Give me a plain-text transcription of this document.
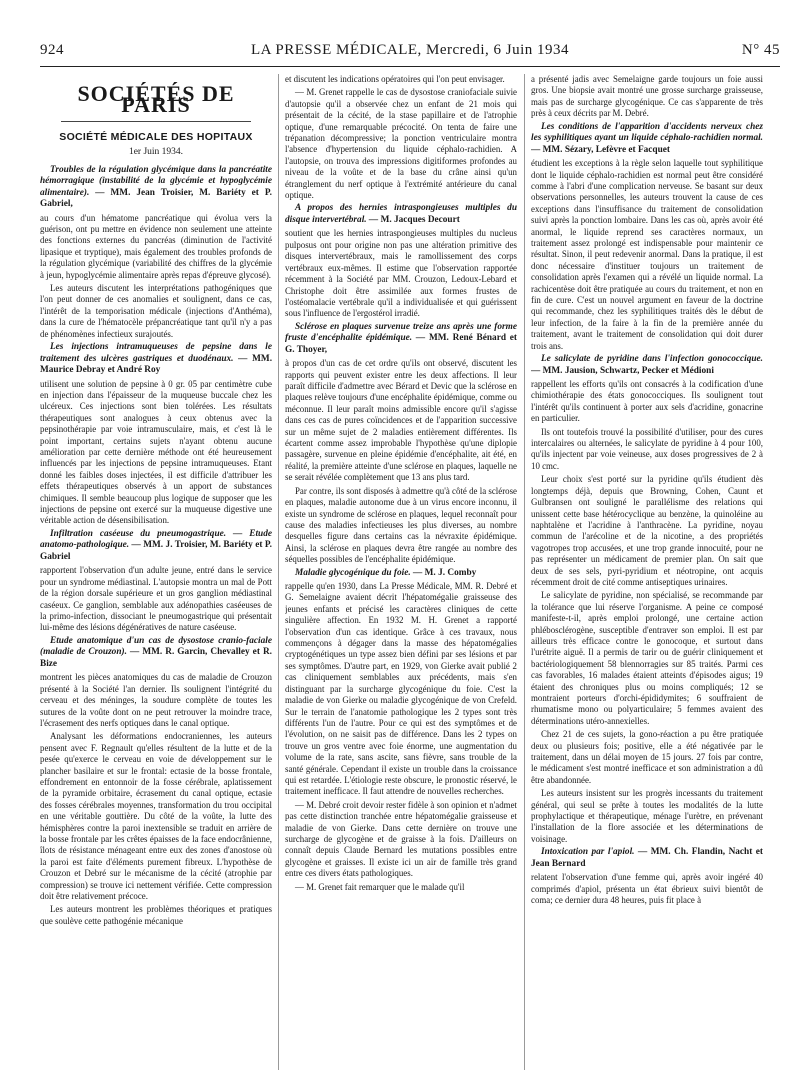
924	LA PRESSE MÉDICALE, Mercredi, 6 Juin 1934	N° 45
SOCIÉTÉS DE PARIS
SOCIÉTÉ MÉDICALE DES HOPITAUX
1er Juin 1934.

Troubles de la régulation glycémique dans la pancréatite hémorragique (instabilité de la glycémie et hypoglycémie alimentaire). — MM. Jean Troisier, M. Bariéty et P. Gabriel,

au cours d'un hématome pancréatique qui évolua vers la guérison, ont pu mettre en évidence non seulement une atteinte des fonctions externes du pancréas (diminution de l'activité lipasique et tryptique), mais également des troubles profonds de la régulation glycémique (variabilité des chiffres de la glycémie à jeun, hypoglycémie alimentaire après repas d'épreuve glycosé).

Les auteurs discutent les interprétations pathogéniques que l'on peut donner de ces anomalies et soulignent, dans ce cas, l'intérêt de la temporisation médicale (injections d'Anthéma), dans la cure de l'hématocèle prépancréatique tant qu'il n'y a pas de phénomènes infectieux surajoutés.

Les injections intramuqueuses de pepsine dans le traitement des ulcères gastriques et duodénaux. — MM. Maurice Debray et André Roy

utilisent une solution de pepsine à 0 gr. 05 par centimètre cube en injection dans l'épaisseur de la muqueuse buccale chez les ulcéreux. Ces injections sont bien tolérées. Les résultats thérapeutiques sont analogues à ceux obtenus avec la pepsinothérapie par voie intramusculaire, mais, et c'est là le point important, certains sujets n'ayant obtenu aucune amélioration par cette dernière méthode ont été heureusement influencés par les injections de pepsine intramuqueuses. Etant donné les faibles doses injectées, il est difficile d'attribuer les effets thérapeutiques observés à un apport de substances chimiques. Il semble beaucoup plus logique de supposer que les injections de pepsine ont exercé sur la muqueuse digestive une véritable action de désensibilisation.

Infiltration caséeuse du pneumogastrique. — Etude anatomo-pathologique. — MM. J. Troisier, M. Bariéty et P. Gabriel

rapportent l'observation d'un adulte jeune, entré dans le service pour un syndrome médiastinal. L'autopsie montra un mal de Pott de la région dorsale supérieure et un gros ganglion médiastinal caséeux. Ce ganglion, semblable aux adénopathies caséeuses de la primo-infection, dissociant le pneumogastrique qui présentait lui-même des lésions dégénératives de nature caséeuse.

Etude anatomique d'un cas de dysostose cranio-faciale (maladie de Crouzon). — MM. R. Garcin, Chevalley et R. Bize

montrent les pièces anatomiques du cas de maladie de Crouzon présenté à la Société l'an dernier. Ils soulignent l'intégrité du cerveau et des méninges, la soudure complète de toutes les sutures de la voûte dont on ne peut retrouver la moindre trace, l'écrasement des nerfs optiques dans le canal optique.

Analysant les déformations endocraniennes, les auteurs pensent avec F. Regnault qu'elles résultent de la lutte et de la pesée qu'exerce le cerveau en voie de développement sur le plancher basilaire et sur le frontal: ectasie de la bosse frontale, effondrement en entonnoir de la fosse cérébrale, aplatissement de la pyramide orbitaire, écrasement du canal optique, ectasie des fosses cérébrales moyennes, transformation du trou occipital en une véritable gouttière. Du côté de la voûte, la lutte des hémisphères contre la paroi inextensible se traduit en arrière de la bosse frontale par les crêtes épaisses de la face endocrânienne, îlots de résistance ménageant entre eux des zones d'anostose où la paroi est faite d'éléments purement fibreux. L'hypothèse de Crouzon et Debré sur le mécanisme de la cécité (atrophie par compression) se trouve ici nettement vérifiée. Cette compression doit être relativement précoce.

Les auteurs montrent les problèmes théoriques et pratiques que soulève cette pathogénie mécanique

et discutent les indications opératoires qui l'on peut envisager.

— M. Grenet rappelle le cas de dysostose craniofaciale suivie d'autopsie qu'il a observée chez un enfant de 21 mois qui présentait de la cécité, de la stase papillaire et de l'atrophie optique, d'une remarquable précocité. On tenta de faire une trépanation décompressive; la ponction ventriculaire montra l'absence d'hypertension du liquide céphalo-rachidien. A l'autopsie, on trouva des impressions digitiformes profondes au niveau de la voûte et de la base du crâne ainsi qu'un étranglement du nerf optique à l'extrémité antérieure du canal optique.

A propos des hernies intraspongieuses multiples du disque intervertébral. — M. Jacques Decourt

soutient que les hernies intraspongieuses multiples du nucleus pulposus ont pour origine non pas une altération primitive des disques intervertébraux, mais le ramollissement des corps vertébraux eux-mêmes. Il estime que l'observation rapportée récemment à la Société par MM. Crouzon, Ledoux-Lebard et Christophe doit être assimilée aux formes frustes de l'ostéomalacie vertébrale qu'il a individualisée et qui guérissent sous l'influence de l'ergostérol irradié.

Sclérose en plaques survenue treize ans après une forme fruste d'encéphalite épidémique. — MM. René Bénard et G. Thoyer,

à propos d'un cas de cet ordre qu'ils ont observé, discutent les rapports qui peuvent exister entre les deux affections. Il leur paraît difficile d'admettre avec Bérard et Devic que la sclérose en plaques relève toujours d'une encéphalite épidémique, comme ou méconnue. Il leur paraît moins admissible encore qu'il s'agisse dans ces cas de pures coïncidences et de l'apparition successive sur un même sujet de 2 maladies entièrement différentes. Ils écartent comme assez improbable l'hypothèse qu'une diplopie passagère, survenue en pleine épidémie d'encéphalite, ait été, en réalité, la première atteinte d'une sclérose en plaques, laquelle ne se serait révélée complètement que 13 ans plus tard.

Par contre, ils sont disposés à admettre qu'à côté de la sclérose en plaques, maladie autonome due à un virus encore inconnu, il existe un syndrome de sclérose en plaques, lequel reconnaît pour cause des maladies infectieuses les plus diverses, au nombre desquelles figure dans certains cas la névraxite épidémique. Ainsi, la sclérose en plaques devra être rangée au nombre des séquelles possibles de l'encéphalite épidémique.

Maladie glycogénique du foie. — M. J. Comby

rappelle qu'en 1930, dans La Presse Médicale, MM. R. Debré et G. Semelaigne avaient décrit l'hépatomégalie graisseuse des jeunes enfants et précisé les caractères cliniques de cette singulière affection. En 1932 M. H. Grenet a rapporté l'observation d'un cas identique. Grâce à ces travaux, nous commençons à dégager dans la masse des hépatomégalies cryptogénétiques un type assez bien défini par ses lésions et par ses symptômes. D'autre part, en 1929, von Gierke avait publié 2 cas cliniquement semblables aux précédents, mais s'en distinguant par la surcharge glycogénique du foie. C'est la maladie de von Gierke ou maladie glycogénique de von Crefeld. Sur le terrain de l'anatomie pathologique les 2 types sont très différents l'un de l'autre. Pour ce qui est des symptômes et de l'évolution, on ne saisit pas de différence. Dans les 2 types on trouve un gros ventre avec foie énorme, une augmentation du volume de la rate, sans ascite, sans fièvre, sans trouble de la santé générale. Cependant il existe un trouble dans la croissance qui est retardée. L'étiologie reste obscure, le pronostic réservé, le traitement inefficace. Il faut attendre de nouvelles recherches.

— M. Debré croit devoir rester fidèle à son opinion et n'admet pas cette distinction tranchée entre hépatomégalie graisseuse et maladie de von Gierke. Dans cette dernière on trouve une surcharge de glycogène et de graisse à la fois. D'ailleurs on connaît depuis Claude Bernard les mutations possibles entre glycogène et graisses. Il existe ici un air de famille très grand entre ces divers états pathologiques.

— M. Grenet fait remarquer que le malade qu'il

a présenté jadis avec Semelaigne garde toujours un foie aussi gros. Une biopsie avait montré une grosse surcharge graisseuse, mais pas de surcharge glycogénique. Ce cas s'apparente de très près à ceux décrits par M. Debré.

Les conditions de l'apparition d'accidents nerveux chez les syphilitiques ayant un liquide céphalo-rachidien normal. — MM. Sézary, Lefèvre et Facquet

étudient les exceptions à la règle selon laquelle tout syphilitique dont le liquide céphalo-rachidien est normal peut être considéré comme à l'abri d'une complication nerveuse. Se basant sur deux observations personnelles, les auteurs trouvent la cause de ces exceptions dans l'insuffisance du traitement de consolidation suivi après la ponction lombaire. Dans les cas où, après avoir été anormal, le liquide reprend ses caractères normaux, un traitement assez prolongé est indispensable pour maintenir ce résultat. Sinon, il peut redevenir anormal. Dans la pratique, il est donc nécessaire d'instituer toujours un traitement de consolidation après l'examen qui a révélé un liquide normal. La rachicentèse doit être pratiquée au cours du traitement, et non en fin de cure. C'est un nouvel argument en faveur de la doctrine qui recommande, chez les syphilitiques traités dès le début de leur infection, de la faire à la fin de la première année du traitement, avant le traitement de consolidation qui doit durer trois ans.

Le salicylate de pyridine dans l'infection gonococcique. — MM. Jausion, Schwartz, Pecker et Médioni

rappellent les efforts qu'ils ont consacrés à la codification d'une chimiothérapie des états gonococciques. Ils soulignent tout l'intérêt qu'ils continuent à porter aux sels d'acridine, gonacrine en particulier.

Ils ont toutefois trouvé la possibilité d'utiliser, pour des cures intercalaires ou alternées, le salicylate de pyridine à 4 pour 100, qu'ils injectent par voie veineuse, aux doses progressives de 2 à 10 cmc.

Leur choix s'est porté sur la pyridine qu'ils étudient dès longtemps déjà, depuis que Browning, Cohen, Caunt et Gulbransen ont souligné le parallélisme des relations qui unissent cette base hétérocyclique au benzène, la quinoléine au naphtalène et l'acridine à l'anthracène. La pyridine, noyau commun de l'arécoline et de la nicotine, a des propriétés vagotropes trop accusées, et une trop grande innocuité, pour ne pas représenter un médicament de premier plan. On sait que deux de ses sels, pyri-pyridium et néotropine, ont acquis récemment droit de cité comme antiseptiques urinaires.

Le salicylate de pyridine, non spécialisé, se recommande par la tolérance que lui réserve l'organisme. A peine ce composé manifeste-t-il, après emploi prolongé, une certaine action phlébosclérogène, susceptible d'entraver son emploi. Il est par ailleurs très efficace contre le gonocoque, et surtout dans l'urétrite aiguë. Il a permis de tarir ou de guérir cliniquement et bactériologiquement 58 blennorragies sur 85 traités. Parmi ces cas favorables, 16 malades étaient atteints d'épisodes aigus; 19 étaient des chroniques plus ou moins compliqués; 12 se montraient porteurs d'orchi-épididymites; 6 souffraient de rhumatisme mono ou polyarticulaire; 5 femmes avaient des déterminations utéro-annexielles.

Chez 21 de ces sujets, la gono-réaction a pu être pratiquée deux ou plusieurs fois; positive, elle a été négativée par le traitement, dans un délai moyen de 15 jours. 27 fois par contre, le médicament s'est montré inefficace et son administration a dû être abandonnée.

Les auteurs insistent sur les progrès incessants du traitement général, qui seul se prête à toutes les modalités de la lutte prophylactique et thérapeutique, ménage l'urètre, en prévenant l'installation de la flore associée et les déterminations de voisinage.

Intoxication par l'apiol. — MM. Ch. Flandin, Nacht et Jean Bernard

relatent l'observation d'une femme qui, après avoir ingéré 40 comprimés d'apiol, présenta un état ébrieux suivi bientôt de coma; ce dernier dura 48 heures, puis fit place à
